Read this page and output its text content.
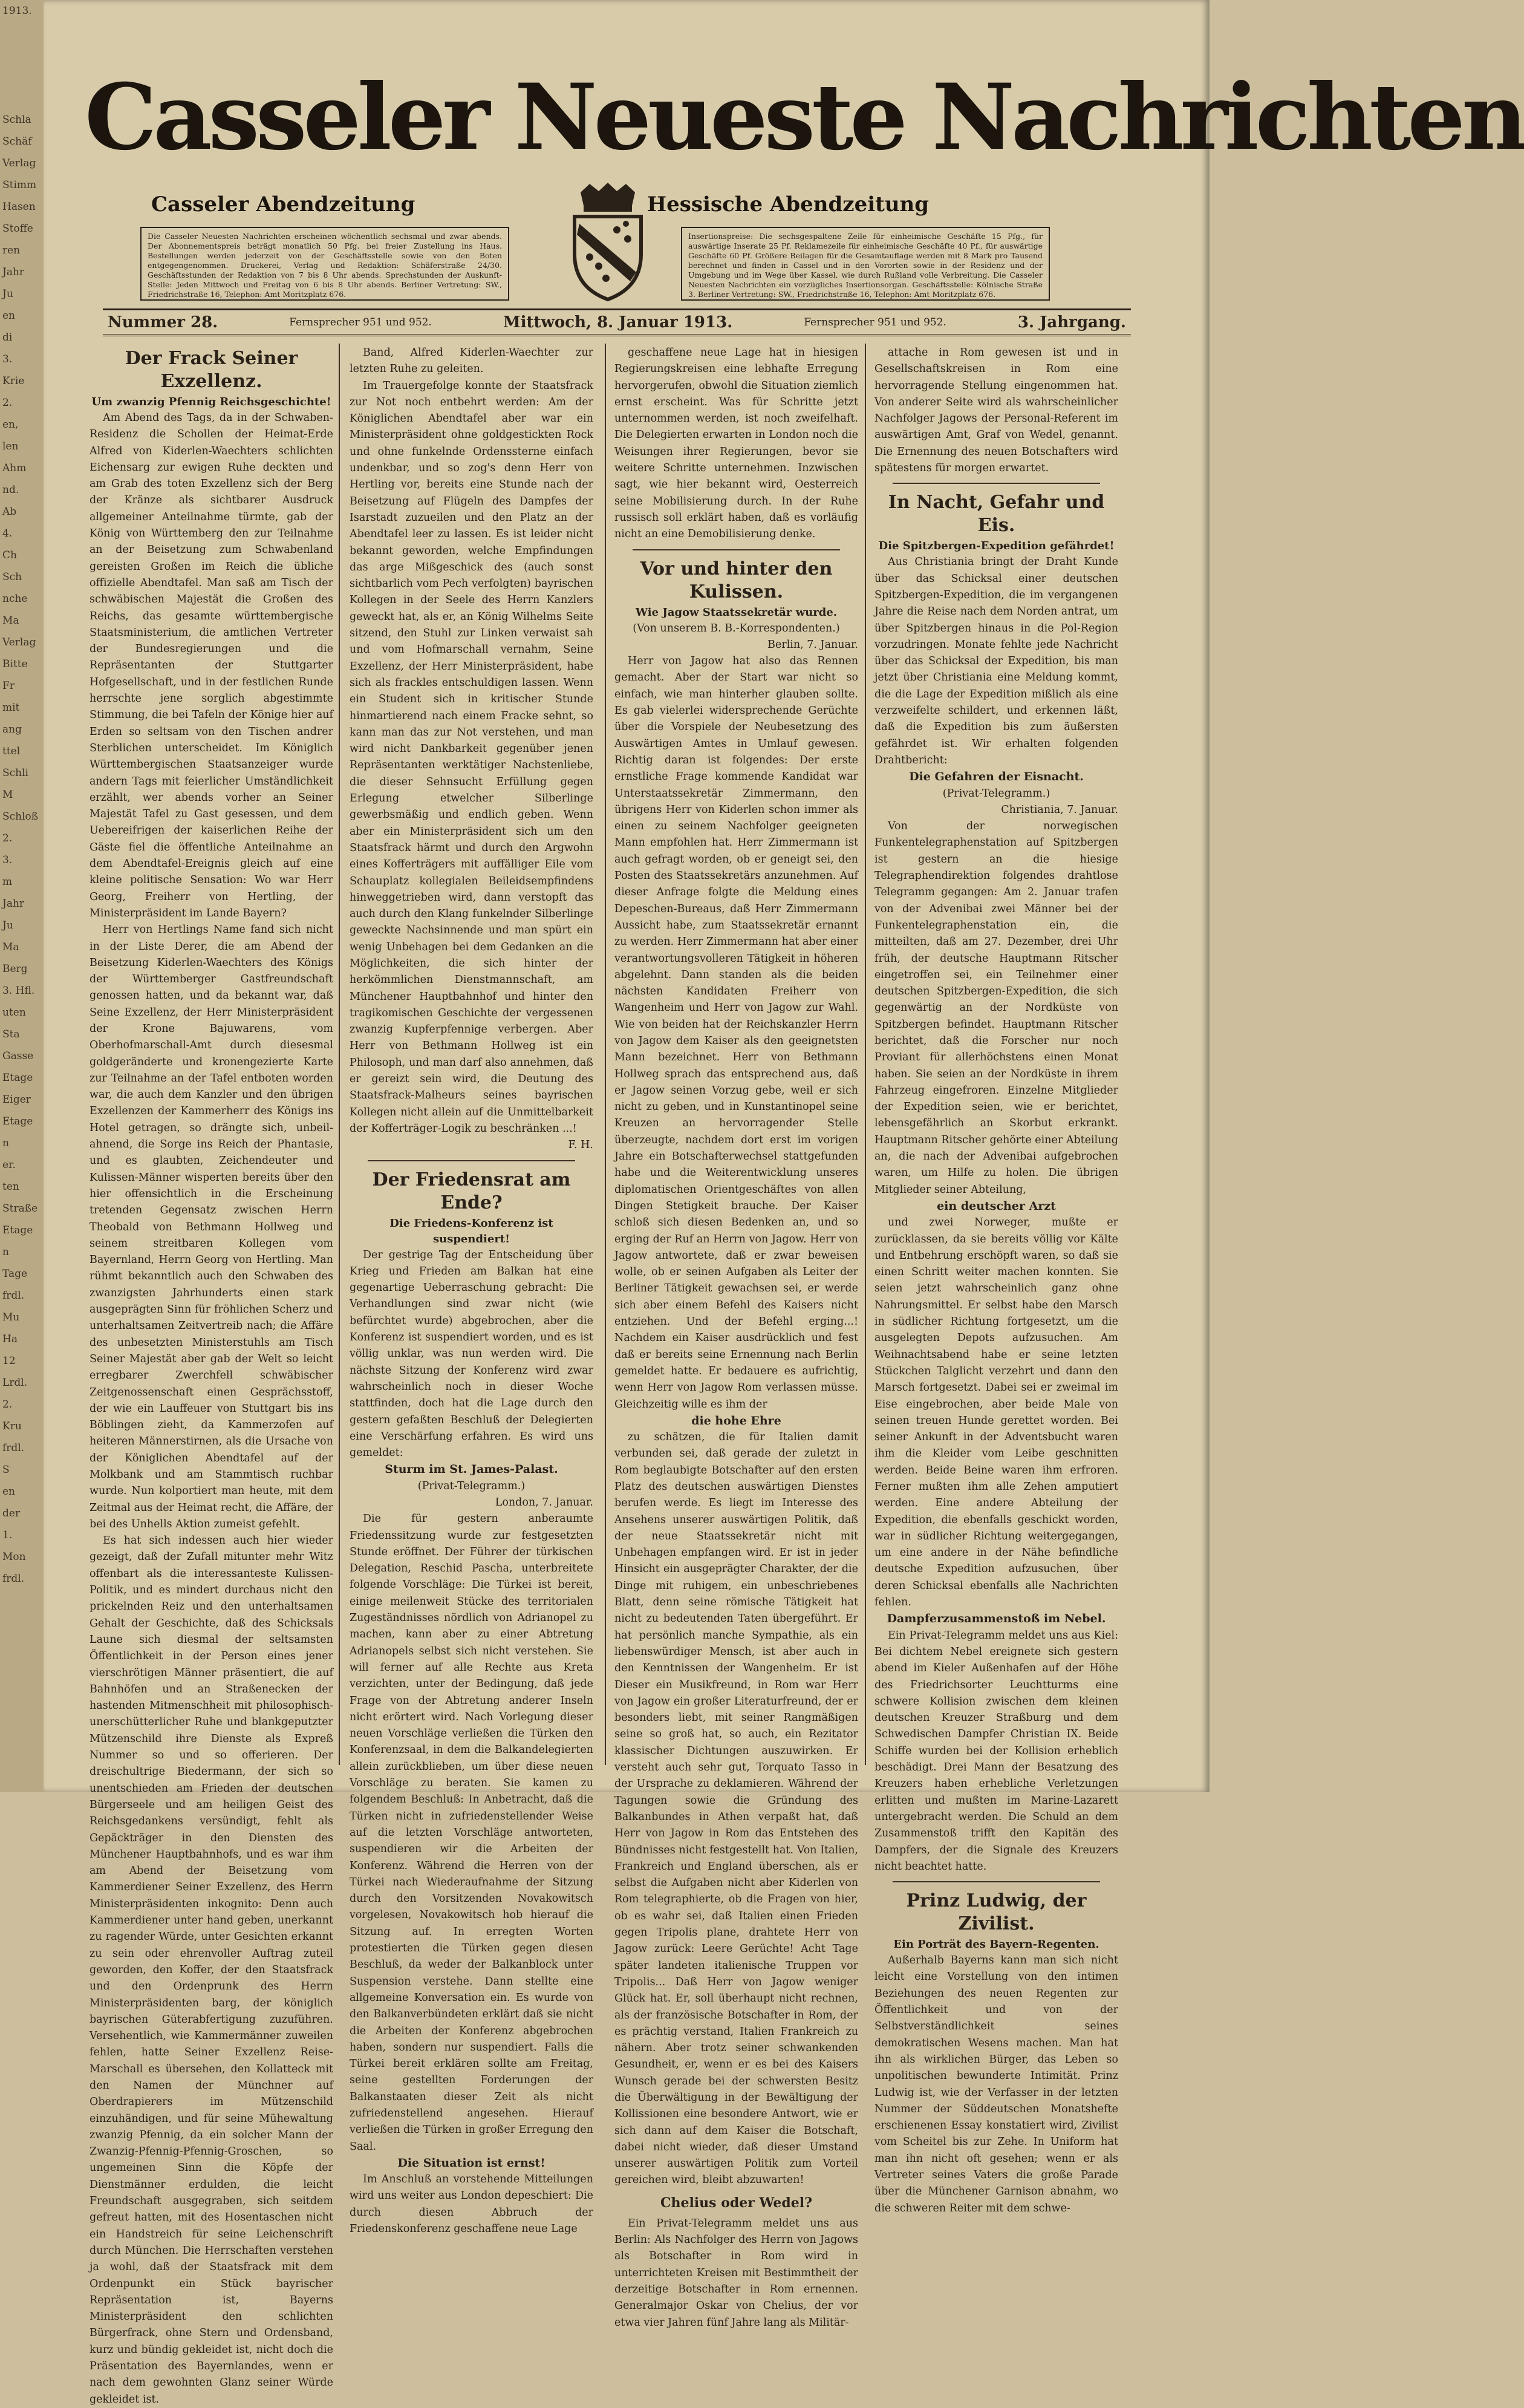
1913.

Schla
Schäf
Verlag
Stimm
Hasen
Stoffe
ren
Jahr
Ju
en
di
3.
Krie
2.
en,
len
Ahm
nd.
Ab
4.
Ch
Sch
nche
Ma
Verlag
Bitte
Fr
mit
ang
ttel
Schli
M
Schloß
2.
3.
m
Jahr
Ju
Ma
Berg
3. Hfl.
uten
Sta
Gasse
Etage
Eiger
Etage
n
er.
ten
Straße
Etage
n
Tage
frdl.
Mu
Ha
12
Lrdl.
2.
Kru
frdl.
S
en
der
1.
Mon
frdl.
Casseler Neueste Nachrichten
Casseler Abendzeitung	Hessische Abendzeitung
Die Casseler Neuesten Nachrichten erscheinen wöchentlich sechsmal und zwar abends. Der Abonnementspreis beträgt monatlich 50 Pfg. bei freier Zustellung ins Haus. Bestellungen werden jederzeit von der Geschäftsstelle sowie von den Boten entgegengenommen. Druckerei, Verlag und Redaktion: Schäferstraße 24/30. Geschäftsstunden der Redaktion von 7 bis 8 Uhr abends. Sprechstunden der Auskunft-Stelle: Jeden Mittwoch und Freitag von 6 bis 8 Uhr abends. Berliner Vertretung: SW., Friedrichstraße 16, Telephon: Amt Moritzplatz 676.
Insertionspreise: Die sechsgespaltene Zeile für einheimische Geschäfte 15 Pfg., für auswärtige Inserate 25 Pf. Reklamezeile für einheimische Geschäfte 40 Pf., für auswärtige Geschäfte 60 Pf. Größere Beilagen für die Gesamtauflage werden mit 8 Mark pro Tausend berechnet und finden in Cassel und in den Vororten sowie in der Residenz und der Umgebung und im Wege über Kassel, wie durch Rußland volle Verbreitung. Die Casseler Neuesten Nachrichten ein vorzügliches Insertionsorgan. Geschäftsstelle: Kölnische Straße 3. Berliner Vertretung: SW., Friedrichstraße 16, Telephon: Amt Moritzplatz 676.
Nummer 28.	Fernsprecher 951 und 952.	Mittwoch, 8. Januar 1913.	Fernsprecher 951 und 952.	3. Jahrgang.
Der Frack Seiner Exzellenz.
Um zwanzig Pfennig Reichsgeschichte!

Am Abend des Tags, da in der Schwaben-Residenz die Schollen der Heimat-Erde Alfred von Kiderlen-Waechters schlichten Eichensarg zur ewigen Ruhe deckten und am Grab des toten Exzellenz sich der Berg der Kränze als sichtbarer Ausdruck allgemeiner Anteilnahme türmte, gab der König von Württemberg den zur Teilnahme an der Beisetzung zum Schwabenland gereisten Großen im Reich die übliche offizielle Abendtafel. Man saß am Tisch der schwäbischen Majestät die Großen des Reichs, das gesamte württembergische Staatsministerium, die amtlichen Vertreter der Bundesregierungen und die Repräsentanten der Stuttgarter Hofgesellschaft, und in der festlichen Runde herrschte jene sorglich abgestimmte Stimmung, die bei Tafeln der Könige hier auf Erden so seltsam von den Tischen andrer Sterblichen unterscheidet. Im Königlich Württembergischen Staatsanzeiger wurde andern Tags mit feierlicher Umständlichkeit erzählt, wer abends vorher an Seiner Majestät Tafel zu Gast gesessen, und dem Uebereifrigen der kaiserlichen Reihe der Gäste fiel die öffentliche Anteilnahme an dem Abendtafel-Ereignis gleich auf eine kleine politische Sensation: Wo war Herr Georg, Freiherr von Hertling, der Ministerpräsident im Lande Bayern?

Herr von Hertlings Name fand sich nicht in der Liste Derer, die am Abend der Beisetzung Kiderlen-Waechters des Königs der Württemberger Gastfreundschaft genossen hatten, und da bekannt war, daß Seine Exzellenz, der Herr Ministerpräsident der Krone Bajuwarens, vom Oberhofmarschall-Amt durch diesesmal goldgeränderte und kronengezierte Karte zur Teilnahme an der Tafel entboten worden war, die auch dem Kanzler und den übrigen Exzellenzen der Kammerherr des Königs ins Hotel getragen, so drängte sich, unbeil-ahnend, die Sorge ins Reich der Phantasie, und es glaubten, Zeichendeuter und Kulissen-Männer wisperten bereits über den hier offensichtlich in die Erscheinung tretenden Gegensatz zwischen Herrn Theobald von Bethmann Hollweg und seinem streitbaren Kollegen vom Bayernland, Herrn Georg von Hertling. Man rühmt bekanntlich auch den Schwaben des zwanzigsten Jahrhunderts einen stark ausgeprägten Sinn für fröhlichen Scherz und unterhaltsamen Zeitvertreib nach; die Affäre des unbesetzten Ministerstuhls am Tisch Seiner Majestät aber gab der Welt so leicht erregbarer Zwerchfell schwäbischer Zeitgenossenschaft einen Gesprächsstoff, der wie ein Lauffeuer von Stuttgart bis ins Böblingen zieht, da Kammerzofen auf heiteren Männerstirnen, als die Ursache von der Königlichen Abendtafel auf der Molkbank und am Stammtisch ruchbar wurde. Nun kolportiert man heute, mit dem Zeitmal aus der Heimat recht, die Affäre, der bei des Unhells Aktion zumeist gefehlt.

Es hat sich indessen auch hier wieder gezeigt, daß der Zufall mitunter mehr Witz offenbart als die interessanteste Kulissen-Politik, und es mindert durchaus nicht den prickelnden Reiz und den unterhaltsamen Gehalt der Geschichte, daß des Schicksals Laune sich diesmal der seltsamsten Öffentlichkeit in der Person eines jener vierschrötigen Männer präsentiert, die auf Bahnhöfen und an Straßenecken der hastenden Mitmenschheit mit philosophisch-unerschütterlicher Ruhe und blankgeputzter Mützenschild ihre Dienste als Expreß Nummer so und so offerieren. Der dreischultrige Biedermann, der sich so unentschieden am Frieden der deutschen Bürgerseele und am heiligen Geist des Reichsgedankens versündigt, fehlt als Gepäckträger in den Diensten des Münchener Hauptbahnhofs, und es war ihm am Abend der Beisetzung vom Kammerdiener Seiner Exzellenz, des Herrn Ministerpräsidenten inkognito: Denn auch Kammerdiener unter hand geben, unerkannt zu ragender Würde, unter Gesichten erkannt zu sein oder ehrenvoller Auftrag zuteil geworden, den Koffer, der den Staatsfrack und den Ordenprunk des Herrn Ministerpräsidenten barg, der königlich bayrischen Güterabfertigung zuzuführen. Versehentlich, wie Kammermänner zuweilen fehlen, hatte Seiner Exzellenz Reise-Marschall es übersehen, den Kollatteck mit den Namen der Münchner auf Oberdrapierers im Mützenschild einzuhändigen, und für seine Mühewaltung zwanzig Pfennig, da ein solcher Mann der Zwanzig-Pfennig-Pfennig-Groschen, so ungemeinen Sinn die Köpfe der Dienstmänner erdulden, die leicht Freundschaft ausgegraben, sich seitdem gefreut hatten, mit des Hosentaschen nicht ein Handstreich für seine Leichenschrift durch München. Die Herrschaften verstehen ja wohl, daß der Staatsfrack mit dem Ordenpunkt ein Stück bayrischer Repräsentation ist, Bayerns Ministerpräsident den schlichten Bürgerfrack, ohne Stern und Ordensband, kurz und bündig gekleidet ist, nicht doch die Präsentation des Bayernlandes, wenn er nach dem gewohnten Glanz seiner Würde gekleidet ist.

Band, Alfred Kiderlen-Waechter zur letzten Ruhe zu geleiten.

Im Trauergefolge konnte der Staatsfrack zur Not noch entbehrt werden: Am der Königlichen Abendtafel aber war ein Ministerpräsident ohne goldgestickten Rock und ohne funkelnde Ordenssterne einfach undenkbar, und so zog's denn Herr von Hertling vor, bereits eine Stunde nach der Beisetzung auf Flügeln des Dampfes der Isarstadt zuzueilen und den Platz an der Abendtafel leer zu lassen. Es ist leider nicht bekannt geworden, welche Empfindungen das arge Mißgeschick des (auch sonst sichtbarlich vom Pech verfolgten) bayrischen Kollegen in der Seele des Herrn Kanzlers geweckt hat, als er, an König Wilhelms Seite sitzend, den Stuhl zur Linken verwaist sah und vom Hofmarschall vernahm, Seine Exzellenz, der Herr Ministerpräsident, habe sich als frackles entschuldigen lassen. Wenn ein Student sich in kritischer Stunde hinmartierend nach einem Fracke sehnt, so kann man das zur Not verstehen, und man wird nicht Dankbarkeit gegenüber jenen Repräsentanten werktätiger Nachstenliebe, die dieser Sehnsucht Erfüllung gegen Erlegung etwelcher Silberlinge gewerbsmäßig und endlich geben. Wenn aber ein Ministerpräsident sich um den Staatsfrack härmt und durch den Argwohn eines Kofferträgers mit auffälliger Eile vom Schauplatz kollegialen Beileidsempfindens hinweggetrieben wird, dann verstopft das auch durch den Klang funkelnder Silberlinge geweckte Nachsinnende und man spürt ein wenig Unbehagen bei dem Gedanken an die Möglichkeiten, die sich hinter der herkömmlichen Dienstmannschaft, am Münchener Hauptbahnhof und hinter den tragikomischen Geschichte der vergessenen zwanzig Kupferpfennige verbergen. Aber Herr von Bethmann Hollweg ist ein Philosoph, und man darf also annehmen, daß er gereizt sein wird, die Deutung des Staatsfrack-Malheurs seines bayrischen Kollegen nicht allein auf die Unmittelbarkeit der Kofferträger-Logik zu beschränken ...!

F. H.

Der Friedensrat am Ende?
Die Friedens-Konferenz ist suspendiert!

Der gestrige Tag der Entscheidung über Krieg und Frieden am Balkan hat eine gegenartige Ueberraschung gebracht: Die Verhandlungen sind zwar nicht (wie befürchtet wurde) abgebrochen, aber die Konferenz ist suspendiert worden, und es ist völlig unklar, was nun werden wird. Die nächste Sitzung der Konferenz wird zwar wahrscheinlich noch in dieser Woche stattfinden, doch hat die Lage durch den gestern gefaßten Beschluß der Delegierten eine Verschärfung erfahren. Es wird uns gemeldet:

Sturm im St. James-Palast.

(Privat-Telegramm.)

London, 7. Januar.

Die für gestern anberaumte Friedenssitzung wurde zur festgesetzten Stunde eröffnet. Der Führer der türkischen Delegation, Reschid Pascha, unterbreitete folgende Vorschläge: Die Türkei ist bereit, einige meilenweit Stücke des territorialen Zugeständnisses nördlich von Adrianopel zu machen, kann aber zu einer Abtretung Adrianopels selbst sich nicht verstehen. Sie will ferner auf alle Rechte aus Kreta verzichten, unter der Bedingung, daß jede Frage von der Abtretung anderer Inseln nicht erörtert wird. Nach Vorlegung dieser neuen Vorschläge verließen die Türken den Konferenzsaal, in dem die Balkandelegierten allein zurückblieben, um über diese neuen Vorschläge zu beraten. Sie kamen zu folgendem Beschluß: In Anbetracht, daß die Türken nicht in zufriedenstellender Weise auf die letzten Vorschläge antworteten, suspendieren wir die Arbeiten der Konferenz. Während die Herren von der Türkei nach Wiederaufnahme der Sitzung durch den Vorsitzenden Novakowitsch vorgelesen, Novakowitsch hob hierauf die Sitzung auf. In erregten Worten protestierten die Türken gegen diesen Beschluß, da weder der Balkanblock unter Suspension verstehe. Dann stellte eine allgemeine Konversation ein. Es wurde von den Balkanverbündeten erklärt daß sie nicht die Arbeiten der Konferenz abgebrochen haben, sondern nur suspendiert. Falls die Türkei bereit erklären sollte am Freitag, seine gestellten Forderungen der Balkanstaaten dieser Zeit als nicht zufriedenstellend angesehen. Hierauf verließen die Türken in großer Erregung den Saal.

Die Situation ist ernst!

Im Anschluß an vorstehende Mitteilungen wird uns weiter aus London depeschiert: Die durch diesen Abbruch der Friedenskonferenz geschaffene neue Lage

geschaffene neue Lage hat in hiesigen Regierungskreisen eine lebhafte Erregung hervorgerufen, obwohl die Situation ziemlich ernst erscheint. Was für Schritte jetzt unternommen werden, ist noch zweifelhaft. Die Delegierten erwarten in London noch die Weisungen ihrer Regierungen, bevor sie weitere Schritte unternehmen. Inzwischen sagt, wie hier bekannt wird, Oesterreich seine Mobilisierung durch. In der Ruhe russisch soll erklärt haben, daß es vorläufig nicht an eine Demobilisierung denke.

Vor und hinter den Kulissen.
Wie Jagow Staatssekretär wurde.

(Von unserem B. B.-Korrespondenten.)

Berlin, 7. Januar.

Herr von Jagow hat also das Rennen gemacht. Aber der Start war nicht so einfach, wie man hinterher glauben sollte. Es gab vielerlei widersprechende Gerüchte über die Vorspiele der Neubesetzung des Auswärtigen Amtes in Umlauf gewesen. Richtig daran ist folgendes: Der erste ernstliche Frage kommende Kandidat war Unterstaatssekretär Zimmermann, den übrigens Herr von Kiderlen schon immer als einen zu seinem Nachfolger geeigneten Mann empfohlen hat. Herr Zimmermann ist auch gefragt worden, ob er geneigt sei, den Posten des Staatssekretärs anzunehmen. Auf dieser Anfrage folgte die Meldung eines Depeschen-Bureaus, daß Herr Zimmermann Aussicht habe, zum Staatssekretär ernannt zu werden. Herr Zimmermann hat aber einer verantwortungsvolleren Tätigkeit in höheren abgelehnt. Dann standen als die beiden nächsten Kandidaten Freiherr von Wangenheim und Herr von Jagow zur Wahl. Wie von beiden hat der Reichskanzler Herrn von Jagow dem Kaiser als den geeignetsten Mann bezeichnet. Herr von Bethmann Hollweg sprach das entsprechend aus, daß er Jagow seinen Vorzug gebe, weil er sich nicht zu geben, und in Kunstantinopel seine Kreuzen an hervorragender Stelle überzeugte, nachdem dort erst im vorigen Jahre ein Botschafterwechsel stattgefunden habe und die Weiterentwicklung unseres diplomatischen Orientgeschäftes von allen Dingen Stetigkeit brauche. Der Kaiser schloß sich diesen Bedenken an, und so erging der Ruf an Herrn von Jagow. Herr von Jagow antwortete, daß er zwar beweisen wolle, ob er seinen Aufgaben als Leiter der Berliner Tätigkeit gewachsen sei, er werde sich aber einem Befehl des Kaisers nicht entziehen. Und der Befehl erging...! Nachdem ein Kaiser ausdrücklich und fest daß er bereits seine Ernennung nach Berlin gemeldet hatte. Er bedauere es aufrichtig, wenn Herr von Jagow Rom verlassen müsse. Gleichzeitig wille es ihm der

die hohe Ehre

zu schätzen, die für Italien damit verbunden sei, daß gerade der zuletzt in Rom beglaubigte Botschafter auf den ersten Platz des deutschen auswärtigen Dienstes berufen werde. Es liegt im Interesse des Ansehens unserer auswärtigen Politik, daß der neue Staatssekretär nicht mit Unbehagen empfangen wird. Er ist in jeder Hinsicht ein ausgeprägter Charakter, der die Dinge mit ruhigem, ein unbeschriebenes Blatt, denn seine römische Tätigkeit hat nicht zu bedeutenden Taten übergeführt. Er hat persönlich manche Sympathie, als ein liebenswürdiger Mensch, ist aber auch in den Kenntnissen der Wangenheim. Er ist Dieser ein Musikfreund, in Rom war Herr von Jagow ein großer Literaturfreund, der er besonders liebt, mit seiner Rangmäßigen seine so groß hat, so auch, ein Rezitator klassischer Dichtungen auszuwirken. Er versteht auch sehr gut, Torquato Tasso in der Ursprache zu deklamieren. Während der Tagungen sowie die Gründung des Balkanbundes in Athen verpaßt hat, daß Herr von Jagow in Rom das Entstehen des Bündnisses nicht festgestellt hat. Von Italien, Frankreich und England überschen, als er selbst die Aufgaben nicht aber Kiderlen von Rom telegraphierte, ob die Fragen von hier, ob es wahr sei, daß Italien einen Frieden gegen Tripolis plane, drahtete Herr von Jagow zurück: Leere Gerüchte! Acht Tage später landeten italienische Truppen vor Tripolis... Daß Herr von Jagow weniger Glück hat. Er, soll überhaupt nicht rechnen, als der französische Botschafter in Rom, der es prächtig verstand, Italien Frankreich zu nähern. Aber trotz seiner schwankenden Gesundheit, er, wenn er es bei des Kaisers Wunsch gerade bei der schwersten Besitz die Überwältigung in der Bewältigung der Kollissionen eine besondere Antwort, wie er sich dann auf dem Kaiser die Botschaft, dabei nicht wieder, daß dieser Umstand unserer auswärtigen Politik zum Vorteil gereichen wird, bleibt abzuwarten!

Chelius oder Wedel?

Ein Privat-Telegramm meldet uns aus Berlin: Als Nachfolger des Herrn von Jagows als Botschafter in Rom wird in unterrichteten Kreisen mit Bestimmtheit der derzeitige Botschafter in Rom ernennen. Generalmajor Oskar von Chelius, der vor etwa vier Jahren fünf Jahre lang als Militär-

attache in Rom gewesen ist und in Gesellschaftskreisen in Rom eine hervorragende Stellung eingenommen hat. Von anderer Seite wird als wahrscheinlicher Nachfolger Jagows der Personal-Referent im auswärtigen Amt, Graf von Wedel, genannt. Die Ernennung des neuen Botschafters wird spätestens für morgen erwartet.

In Nacht, Gefahr und Eis.
Die Spitzbergen-Expedition gefährdet!

Aus Christiania bringt der Draht Kunde über das Schicksal einer deutschen Spitzbergen-Expedition, die im vergangenen Jahre die Reise nach dem Norden antrat, um über Spitzbergen hinaus in die Pol-Region vorzudringen. Monate fehlte jede Nachricht über das Schicksal der Expedition, bis man jetzt über Christiania eine Meldung kommt, die die Lage der Expedition mißlich als eine verzweifelte schildert, und erkennen läßt, daß die Expedition bis zum äußersten gefährdet ist. Wir erhalten folgenden Drahtbericht:

Die Gefahren der Eisnacht.

(Privat-Telegramm.)

Christiania, 7. Januar.

Von der norwegischen Funkentelegraphenstation auf Spitzbergen ist gestern an die hiesige Telegraphendirektion folgendes drahtlose Telegramm gegangen: Am 2. Januar trafen von der Advenibai zwei Männer bei der Funkentelegraphenstation ein, die mitteilten, daß am 27. Dezember, drei Uhr früh, der deutsche Hauptmann Ritscher eingetroffen sei, ein Teilnehmer einer deutschen Spitzbergen-Expedition, die sich gegenwärtig an der Nordküste von Spitzbergen befindet. Hauptmann Ritscher berichtet, daß die Forscher nur noch Proviant für allerhöchstens einen Monat haben. Sie seien an der Nordküste in ihrem Fahrzeug eingefroren. Einzelne Mitglieder der Expedition seien, wie er berichtet, lebensgefährlich an Skorbut erkrankt. Hauptmann Ritscher gehörte einer Abteilung an, die nach der Advenibai aufgebrochen waren, um Hilfe zu holen. Die übrigen Mitglieder seiner Abteilung,

ein deutscher Arzt

und zwei Norweger, mußte er zurücklassen, da sie bereits völlig vor Kälte und Entbehrung erschöpft waren, so daß sie einen Schritt weiter machen konnten. Sie seien jetzt wahrscheinlich ganz ohne Nahrungsmittel. Er selbst habe den Marsch in südlicher Richtung fortgesetzt, um die ausgelegten Depots aufzusuchen. Am Weihnachtsabend habe er seine letzten Stückchen Talglicht verzehrt und dann den Marsch fortgesetzt. Dabei sei er zweimal im Eise eingebrochen, aber beide Male von seinen treuen Hunde gerettet worden. Bei seiner Ankunft in der Adventsbucht waren ihm die Kleider vom Leibe geschnitten werden. Beide Beine waren ihm erfroren. Ferner mußten ihm alle Zehen amputiert werden. Eine andere Abteilung der Expedition, die ebenfalls geschickt worden, war in südlicher Richtung weitergegangen, um eine andere in der Nähe befindliche deutsche Expedition aufzusuchen, über deren Schicksal ebenfalls alle Nachrichten fehlen.

Dampferzusammenstoß im Nebel.

Ein Privat-Telegramm meldet uns aus Kiel: Bei dichtem Nebel ereignete sich gestern abend im Kieler Außenhafen auf der Höhe des Friedrichsorter Leuchtturms eine schwere Kollision zwischen dem kleinen deutschen Kreuzer Straßburg und dem Schwedischen Dampfer Christian IX. Beide Schiffe wurden bei der Kollision erheblich beschädigt. Drei Mann der Besatzung des Kreuzers haben erhebliche Verletzungen erlitten und mußten im Marine-Lazarett untergebracht werden. Die Schuld an dem Zusammenstoß trifft den Kapitän des Dampfers, der die Signale des Kreuzers nicht beachtet hatte.

Prinz Ludwig, der Zivilist.
Ein Porträt des Bayern-Regenten.

Außerhalb Bayerns kann man sich nicht leicht eine Vorstellung von den intimen Beziehungen des neuen Regenten zur Öffentlichkeit und von der Selbstverständlichkeit seines demokratischen Wesens machen. Man hat ihn als wirklichen Bürger, das Leben so unpolitischen bewunderte Intimität. Prinz Ludwig ist, wie der Verfasser in der letzten Nummer der Süddeutschen Monatshefte erschienenen Essay konstatiert wird, Zivilist vom Scheitel bis zur Zehe. In Uniform hat man ihn nicht oft gesehen; wenn er als Vertreter seines Vaters die große Parade über die Münchener Garnison abnahm, wo die schweren Reiter mit dem schwe-
